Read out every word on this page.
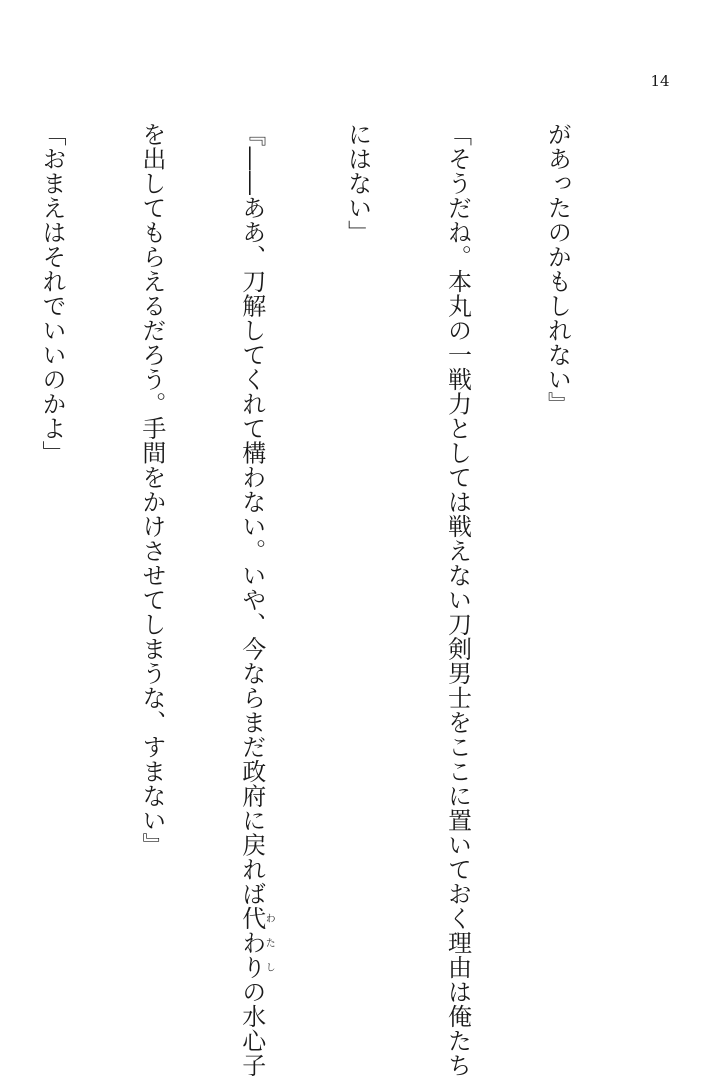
14

があったのかもしれない』

「そうだね。本丸の一戦力としては戦えない刀剣男士をここに置いておく理由は俺たち

にはない」

『――ああ、刀解してくれて構わない。いや、今ならまだ政府に戻れば代わりわたしの水心子

を出してもらえるだろう。手間をかけさせてしまうな、すまない』

「おまえはそれでいいのかよ」
